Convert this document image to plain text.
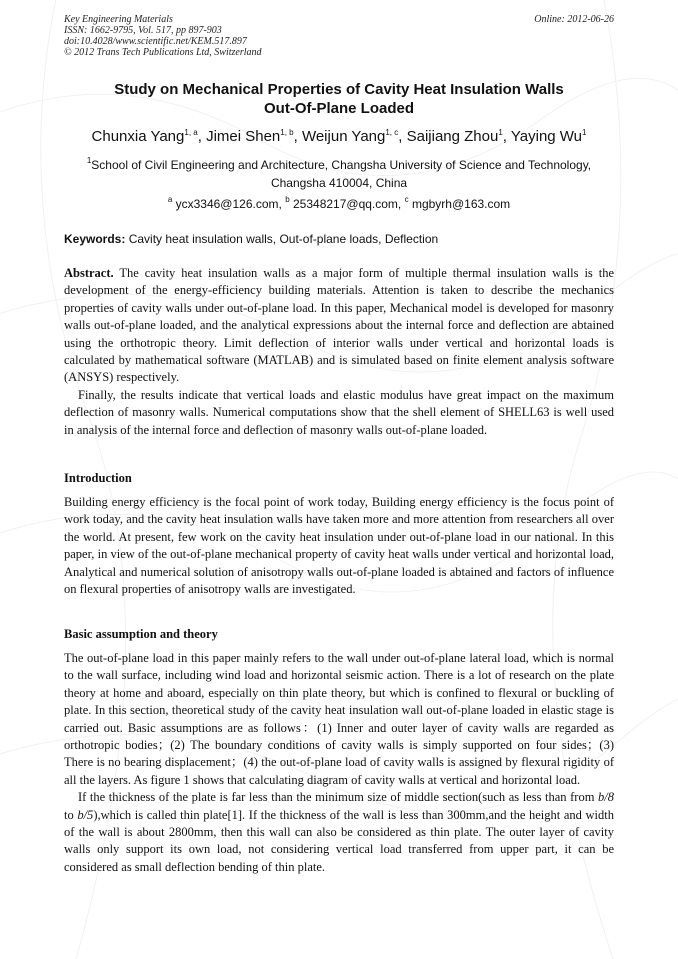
Key Engineering Materials
ISSN: 1662-9795, Vol. 517, pp 897-903
doi:10.4028/www.scientific.net/KEM.517.897
© 2012 Trans Tech Publications Ltd, Switzerland
Online: 2012-06-26
Study on Mechanical Properties of Cavity Heat Insulation Walls
Out-Of-Plane Loaded
Chunxia Yang$^{1, a}$, Jimei Shen$^{1, b}$, Weijun Yang$^{1, c}$, Saijiang Zhou$^1$, Yaying Wu$^1$
$^1$School of Civil Engineering and Architecture, Changsha University of Science and Technology,
Changsha 410004, China
$^a$ ycx3346@126.com, $^b$ 25348217@qq.com, $^c$ mgbyrh@163.com
Keywords: Cavity heat insulation walls, Out-of-plane loads, Deflection

Abstract. The cavity heat insulation walls as a major form of multiple thermal insulation walls is the development of the energy-efficiency building materials. Attention is taken to describe the mechanics properties of cavity walls under out-of-plane load. In this paper, Mechanical model is developed for masonry walls out-of-plane loaded, and the analytical expressions about the internal force and deflection are abtained using the orthotropic theory. Limit deflection of interior walls under vertical and horizontal loads is calculated by mathematical software (MATLAB) and is simulated based on finite element analysis software (ANSYS) respectively.

Finally, the results indicate that vertical loads and elastic modulus have great impact on the maximum deflection of masonry walls. Numerical computations show that the shell element of SHELL63 is well used in analysis of the internal force and deflection of masonry walls out-of-plane loaded.

Introduction
Building energy efficiency is the focal point of work today, Building energy efficiency is the focus point of work today, and the cavity heat insulation walls have taken more and more attention from researchers all over the world. At present, few work on the cavity heat insulation under out-of-plane load in our national. In this paper, in view of the out-of-plane mechanical property of cavity heat walls under vertical and horizontal load, Analytical and numerical solution of anisotropy walls out-of-plane loaded is abtained and factors of influence on flexural properties of anisotropy walls are investigated.
Basic assumption and theory

The out-of-plane load in this paper mainly refers to the wall under out-of-plane lateral load, which is normal to the wall surface, including wind load and horizontal seismic action. There is a lot of research on the plate theory at home and aboard, especially on thin plate theory, but which is confined to flexural or buckling of plate. In this section, theoretical study of the cavity heat insulation wall out-of-plane loaded in elastic stage is carried out. Basic assumptions are as follows：(1) Inner and outer layer of cavity walls are regarded as orthotropic bodies；(2) The boundary conditions of cavity walls is simply supported on four sides；(3) There is no bearing displacement；(4) the out-of-plane load of cavity walls is assigned by flexural rigidity of all the layers. As figure 1 shows that calculating diagram of cavity walls at vertical and horizontal load.

If the thickness of the plate is far less than the minimum size of middle section(such as less than from b/8 to b/5),which is called thin plate[1]. If the thickness of the wall is less than 300mm,and the height and width of the wall is about 2800mm, then this wall can also be considered as thin plate. The outer layer of cavity walls only support its own load, not considering vertical load transferred from upper part, it can be considered as small deflection bending of thin plate.
